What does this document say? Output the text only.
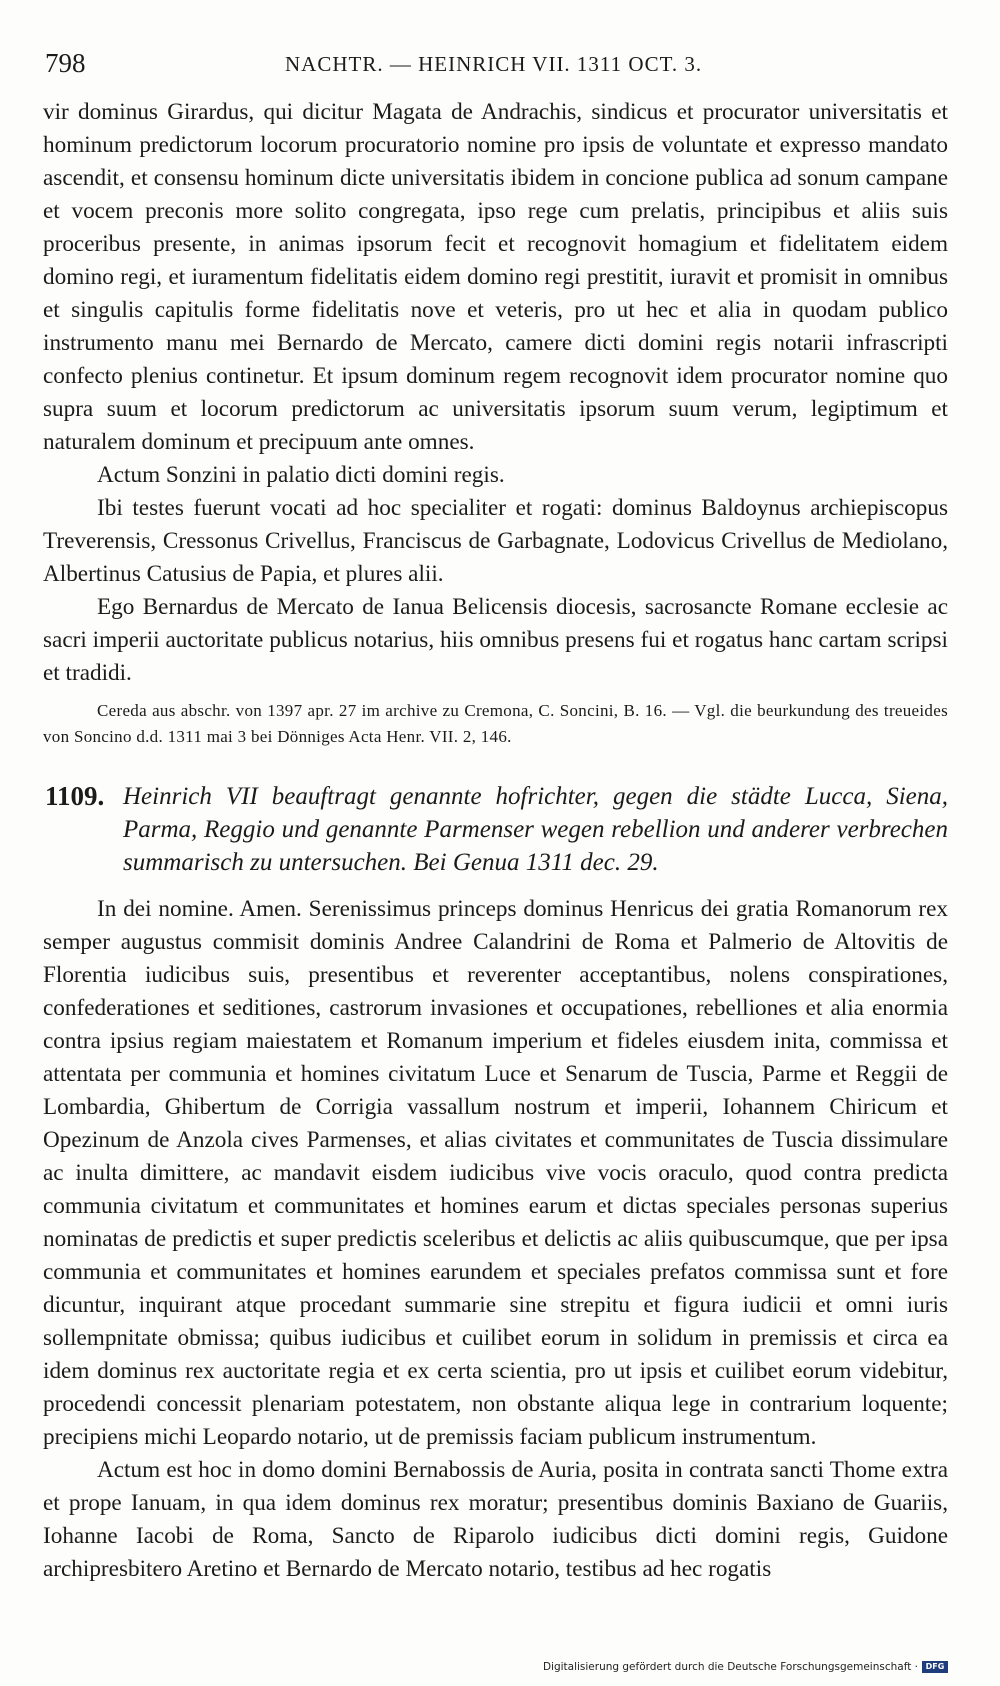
798	NACHTR. — HEINRICH VII. 1311 OCT. 3.

vir dominus Girardus, qui dicitur Magata de Andrachis, sindicus et procurator universitatis et hominum predictorum locorum procuratorio nomine pro ipsis de voluntate et expresso mandato ascendit, et consensu hominum dicte universitatis ibidem in concione publica ad sonum campane et vocem preconis more solito congregata, ipso rege cum prelatis, principibus et aliis suis proceribus presente, in animas ipsorum fecit et recognovit homagium et fidelitatem eidem domino regi, et iuramentum fidelitatis eidem domino regi prestitit, iuravit et promisit in omnibus et singulis capitulis forme fidelitatis nove et veteris, pro ut hec et alia in quodam publico instrumento manu mei Bernardo de Mercato, camere dicti domini regis notarii infrascripti confecto plenius continetur. Et ipsum dominum regem recognovit idem procurator nomine quo supra suum et locorum predictorum ac universitatis ipsorum suum verum, legiptimum et naturalem dominum et precipuum ante omnes.

Actum Sonzini in palatio dicti domini regis.

Ibi testes fuerunt vocati ad hoc specialiter et rogati: dominus Baldoynus archiepiscopus Treverensis, Cressonus Crivellus, Franciscus de Garbagnate, Lodovicus Crivellus de Mediolano, Albertinus Catusius de Papia, et plures alii.

Ego Bernardus de Mercato de Ianua Belicensis diocesis, sacrosancte Romane ecclesie ac sacri imperii auctoritate publicus notarius, hiis omnibus presens fui et rogatus hanc cartam scripsi et tradidi.

Cereda aus abschr. von 1397 apr. 27 im archive zu Cremona, C. Soncini, B. 16. — Vgl. die beurkundung des treueides von Soncino d.d. 1311 mai 3 bei Dönniges Acta Henr. VII. 2, 146.

1109. Heinrich VII beauftragt genannte hofrichter, gegen die städte Lucca, Siena, Parma, Reggio und genannte Parmenser wegen rebellion und anderer verbrechen summarisch zu untersuchen. Bei Genua 1311 dec. 29.

In dei nomine. Amen. Serenissimus princeps dominus Henricus dei gratia Romanorum rex semper augustus commisit dominis Andree Calandrini de Roma et Palmerio de Altovitis de Florentia iudicibus suis, presentibus et reverenter acceptantibus, nolens conspirationes, confederationes et seditiones, castrorum invasiones et occupationes, rebelliones et alia enormia contra ipsius regiam maiestatem et Romanum imperium et fideles eiusdem inita, commissa et attentata per communia et homines civitatum Luce et Senarum de Tuscia, Parme et Reggii de Lombardia, Ghibertum de Corrigia vassallum nostrum et imperii, Iohannem Chiricum et Opezinum de Anzola cives Parmenses, et alias civitates et communitates de Tuscia dissimulare ac inulta dimittere, ac mandavit eisdem iudicibus vive vocis oraculo, quod contra predicta communia civitatum et communitates et homines earum et dictas speciales personas superius nominatas de predictis et super predictis sceleribus et delictis ac aliis quibuscumque, que per ipsa communia et communitates et homines earundem et speciales prefatos commissa sunt et fore dicuntur, inquirant atque procedant summarie sine strepitu et figura iudicii et omni iuris sollempnitate obmissa; quibus iudicibus et cuilibet eorum in solidum in premissis et circa ea idem dominus rex auctoritate regia et ex certa scientia, pro ut ipsis et cuilibet eorum videbitur, procedendi concessit plenariam potestatem, non obstante aliqua lege in contrarium loquente; precipiens michi Leopardo notario, ut de premissis faciam publicum instrumentum.

Actum est hoc in domo domini Bernabossis de Auria, posita in contrata sancti Thome extra et prope Ianuam, in qua idem dominus rex moratur; presentibus dominis Baxiano de Guariis, Iohanne Iacobi de Roma, Sancto de Riparolo iudicibus dicti domini regis, Guidone archipresbitero Aretino et Bernardo de Mercato notario, testibus ad hec rogatis

Digitalisierung gefördert durch die Deutsche Forschungsgemeinschaft · DFG
